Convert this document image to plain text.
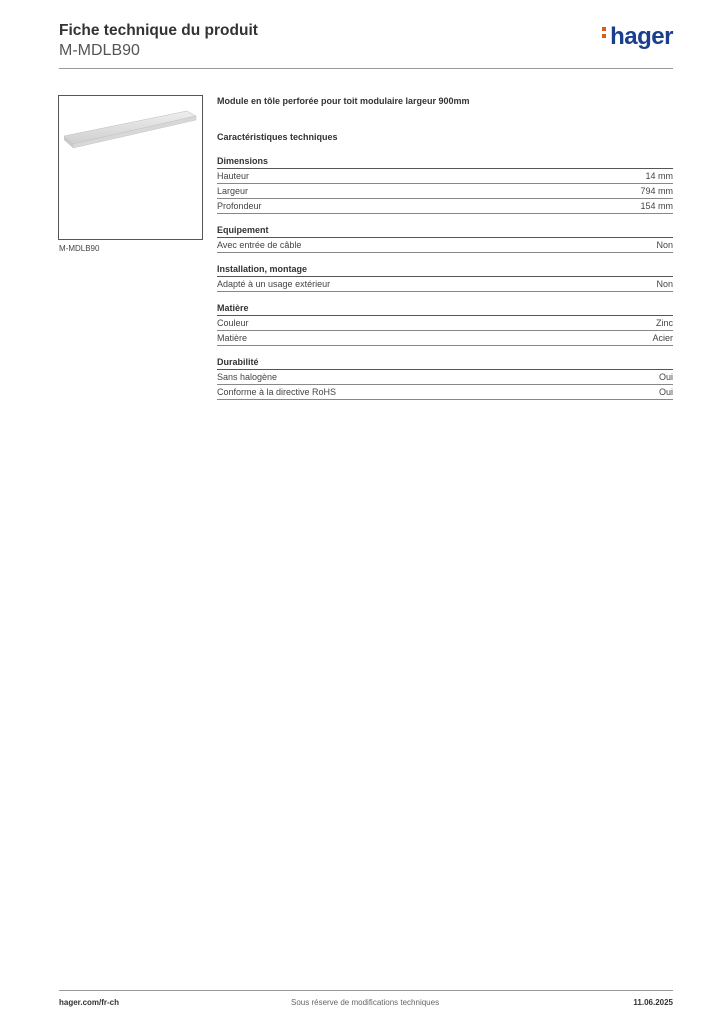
Fiche technique du produit
M-MDLB90
hager
M-MDLB90
Module en tôle perforée pour toit modulaire largeur 900mm
Caractéristiques techniques
Dimensions
Hauteur	14 mm
Largeur	794 mm
Profondeur	154 mm
Equipement
Avec entrée de câble	Non
Installation, montage
Adapté à un usage extérieur	Non
Matière
Couleur	Zinc
Matière	Acier
Durabilité
Sans halogène	Oui
Conforme à la directive RoHS	Oui
hager.com/fr-ch	Sous réserve de modifications techniques	11.06.2025
